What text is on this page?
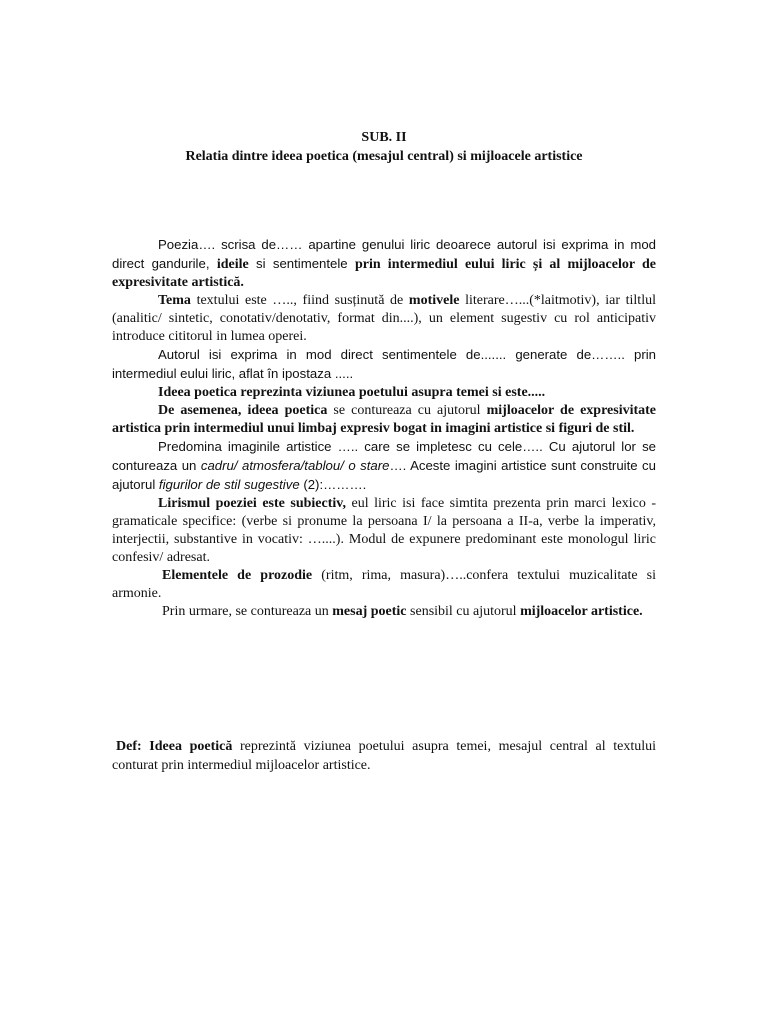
SUB. II
Relatia dintre ideea poetica (mesajul central) si mijloacele artistice

Poezia…. scrisa de…… apartine genului liric deoarece autorul isi exprima in mod direct gandurile, ideile si sentimentele prin intermediul eului liric și al mijloacelor de expresivitate artistică.

Tema textului este ….., fiind susținută de motivele literare…...(*laitmotiv), iar tiltlul (analitic/ sintetic, conotativ/denotativ, format din....), un element sugestiv cu rol anticipativ introduce cititorul in lumea operei.

Autorul isi exprima in mod direct sentimentele de....... generate de…….. prin intermediul eului liric, aflat în ipostaza .....

Ideea poetica reprezinta viziunea poetului asupra temei si este.....

De asemenea, ideea poetica se contureaza cu ajutorul mijloacelor de expresivitate artistica prin intermediul unui limbaj expresiv bogat in imagini artistice si figuri de stil.

Predomina imaginile artistice ….. care se impletesc cu cele….. Cu ajutorul lor se contureaza un cadru/ atmosfera/tablou/ o stare…. Aceste imagini artistice sunt construite cu ajutorul figurilor de stil sugestive (2):……….

Lirismul poeziei este subiectiv, eul liric isi face simtita prezenta prin marci lexico - gramaticale specifice: (verbe si pronume la persoana I/ la persoana a II-a, verbe la imperativ, interjectii, substantive in vocativ: …....). Modul de expunere predominant este monologul liric confesiv/ adresat.

Elementele de prozodie (ritm, rima, masura)…..confera textului muzicalitate si armonie.

Prin urmare, se contureaza un mesaj poetic sensibil cu ajutorul mijloacelor artistice.

Def: Ideea poetică reprezintă viziunea poetului asupra temei, mesajul central al textului conturat prin intermediul mijloacelor artistice.
